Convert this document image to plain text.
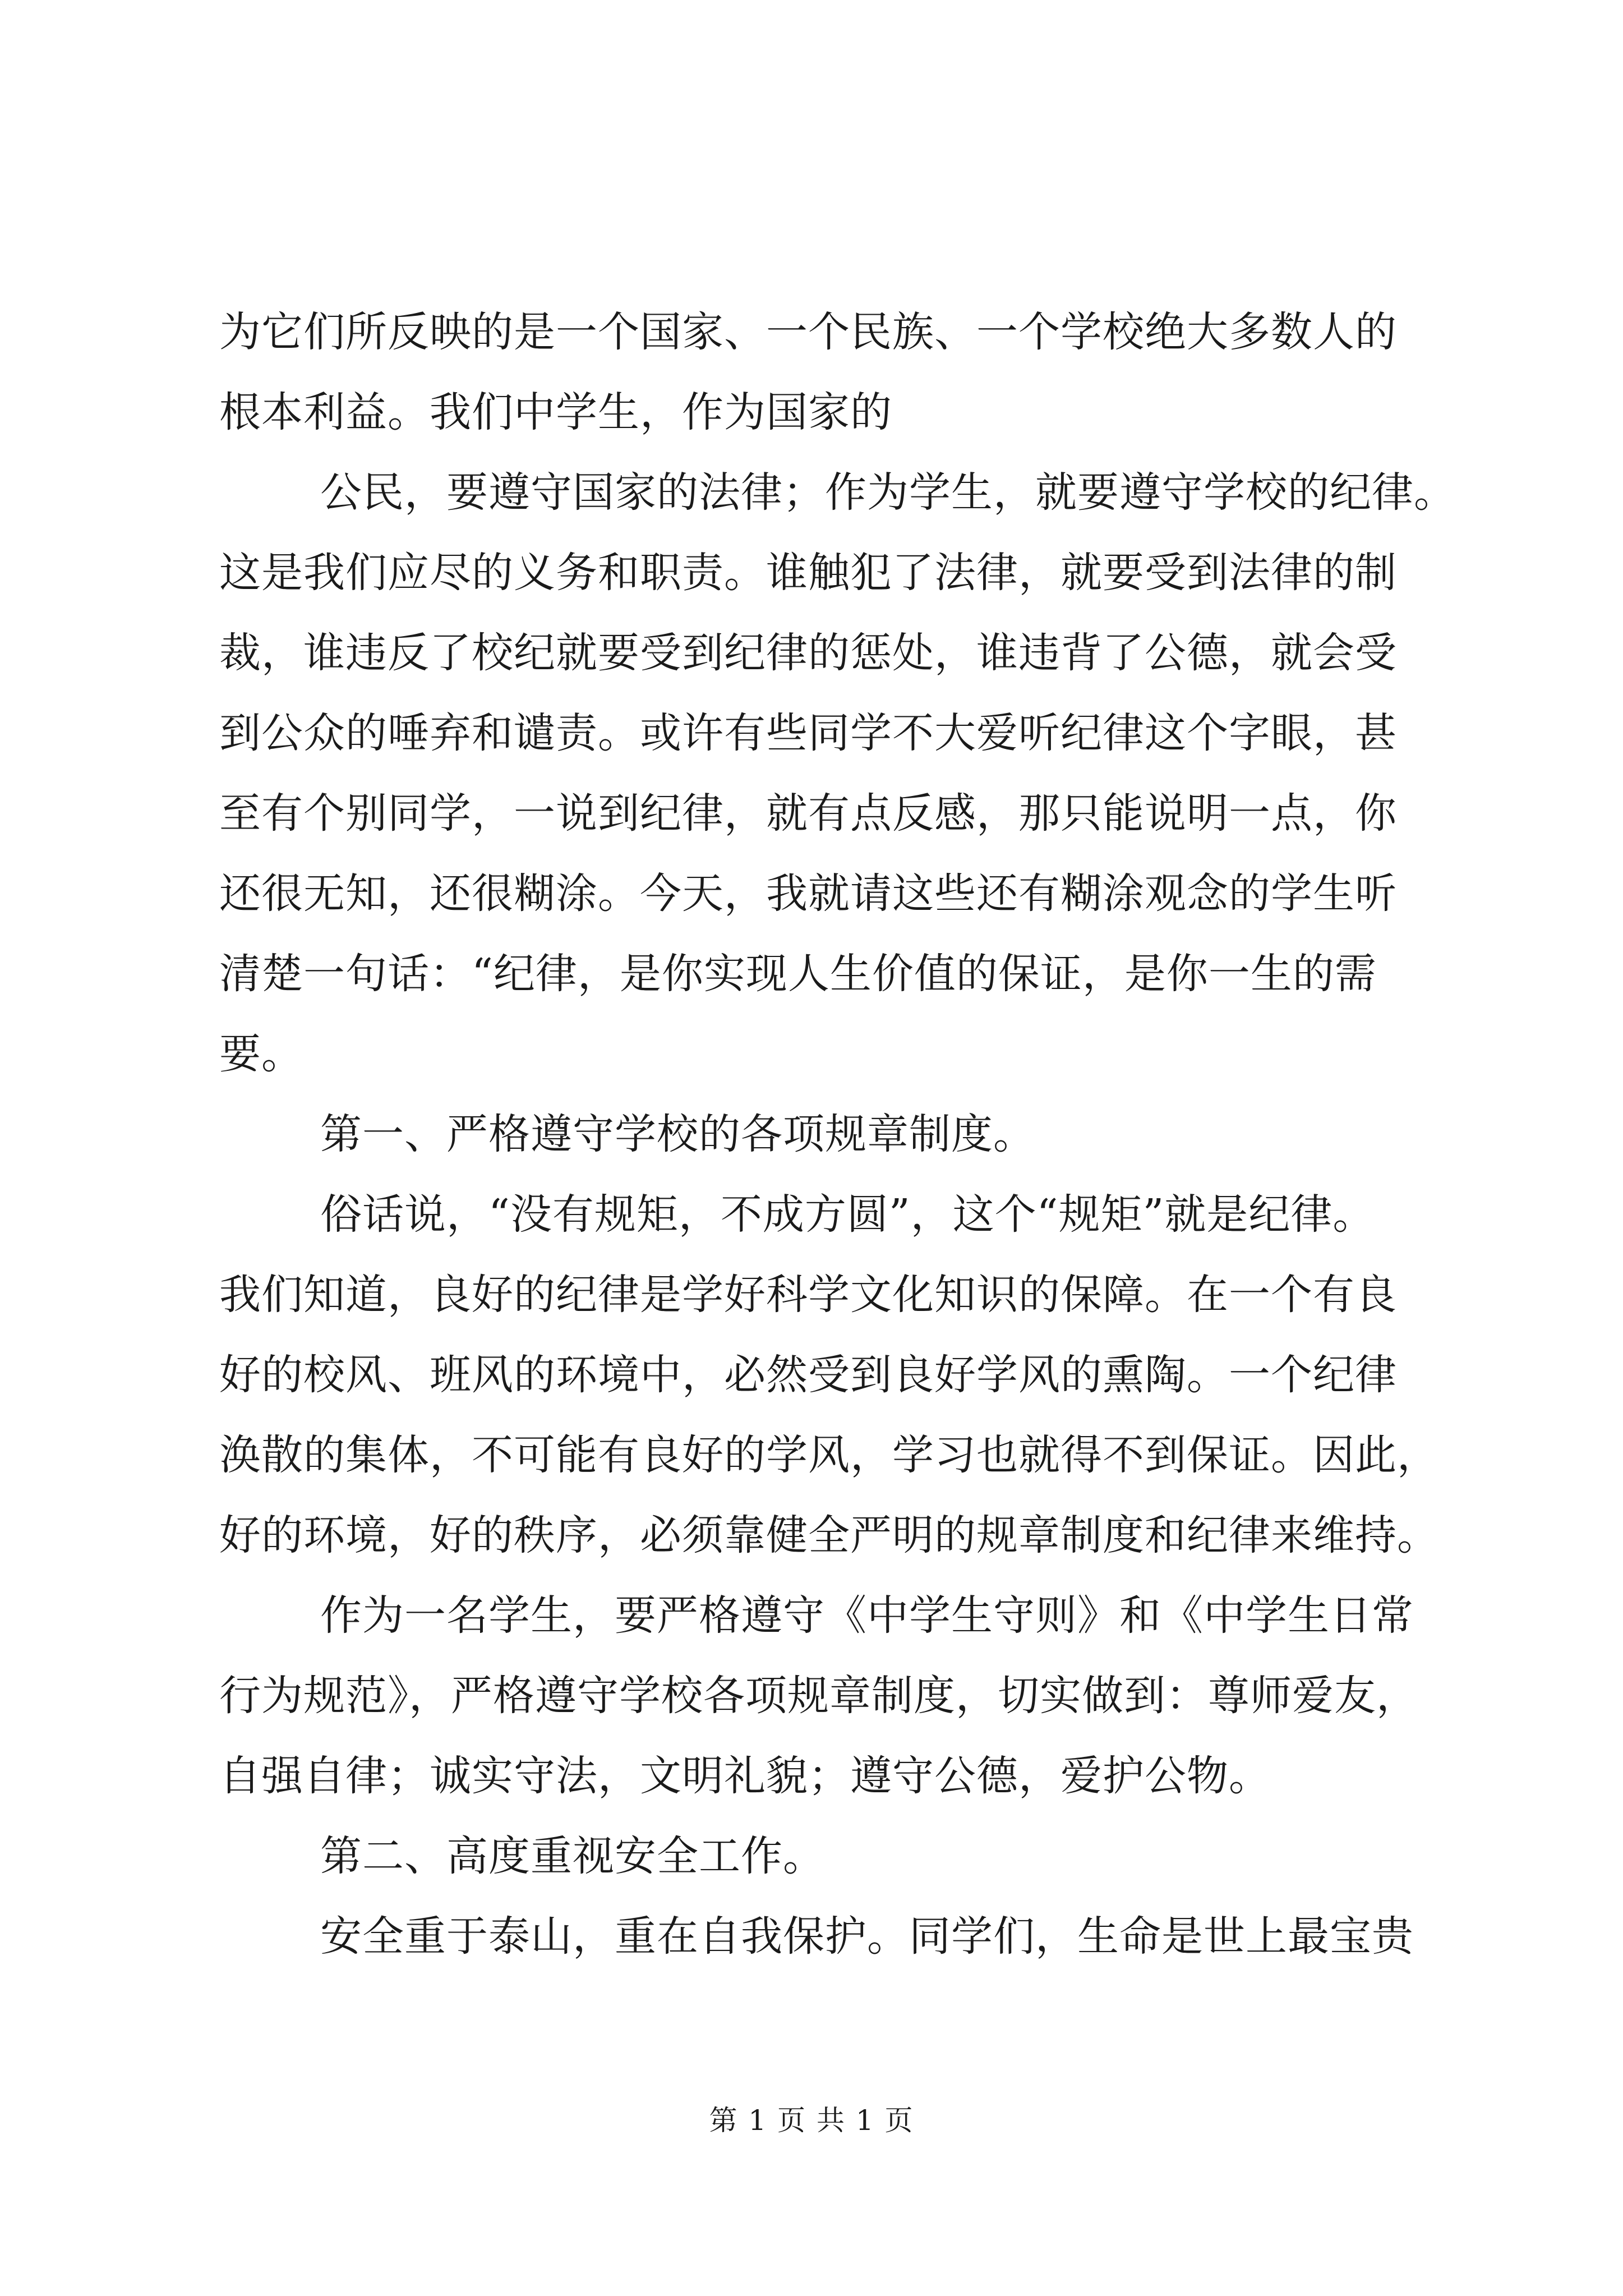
为它们所反映的是一个国家、一个民族、一个学校绝大多数人的
根本利益。我们中学生，作为国家的
公民，要遵守国家的法律；作为学生，就要遵守学校的纪律。
这是我们应尽的义务和职责。谁触犯了法律，就要受到法律的制
裁，谁违反了校纪就要受到纪律的惩处，谁违背了公德，就会受
到公众的唾弃和谴责。或许有些同学不大爱听纪律这个字眼，甚
至有个别同学，一说到纪律，就有点反感，那只能说明一点，你
还很无知，还很糊涂。今天，我就请这些还有糊涂观念的学生听
清楚一句话：“纪律，是你实现人生价值的保证，是你一生的需
要。
第一、严格遵守学校的各项规章制度。
俗话说，“没有规矩，不成方圆”，这个“规矩”就是纪律。
我们知道，良好的纪律是学好科学文化知识的保障。在一个有良
好的校风、班风的环境中，必然受到良好学风的熏陶。一个纪律
涣散的集体，不可能有良好的学风，学习也就得不到保证。因此，
好的环境，好的秩序，必须靠健全严明的规章制度和纪律来维持。
作为一名学生，要严格遵守《中学生守则》和《中学生日常
行为规范》，严格遵守学校各项规章制度，切实做到：尊师爱友，
自强自律；诚实守法，文明礼貌；遵守公德，爱护公物。
第二、高度重视安全工作。
安全重于泰山，重在自我保护。同学们，生命是世上最宝贵
第 1 页 共 1 页
